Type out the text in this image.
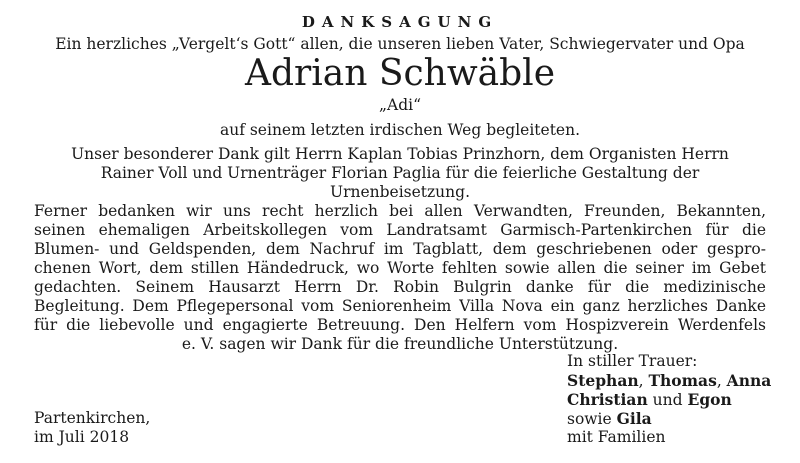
DANKSAGUNG
Ein herzliches „Vergelt‘s Gott“ allen, die unseren lieben Vater, Schwiegervater und Opa
Adrian Schwäble
„Adi“
auf seinem letzten irdischen Weg begleiteten.
Unser besonderer Dank gilt Herrn Kaplan Tobias Prinzhorn, dem Organisten Herrn
Rainer Voll und Urnenträger Florian Paglia für die feierliche Gestaltung der
Urnenbeisetzung.
Ferner bedanken wir uns recht herzlich bei allen Verwandten, Freunden, Bekannten,
seinen ehemaligen Arbeitskollegen vom Landratsamt Garmisch-Partenkirchen für die
Blumen- und Geldspenden, dem Nachruf im Tagblatt, dem geschriebenen oder gespro-
chenen Wort, dem stillen Händedruck, wo Worte fehlten sowie allen die seiner im Gebet
gedachten. Seinem Hausarzt Herrn Dr. Robin Bulgrin danke für die medizinische
Begleitung. Dem Pflegepersonal vom Seniorenheim Villa Nova ein ganz herzliches Danke
für die liebevolle und engagierte Betreuung. Den Helfern vom Hospizverein Werdenfels
e. V. sagen wir Dank für die freundliche Unterstützung.
In stiller Trauer:
Stephan, Thomas, Anna
Christian und Egon
sowie Gila
mit Familien
Partenkirchen,
im Juli 2018
